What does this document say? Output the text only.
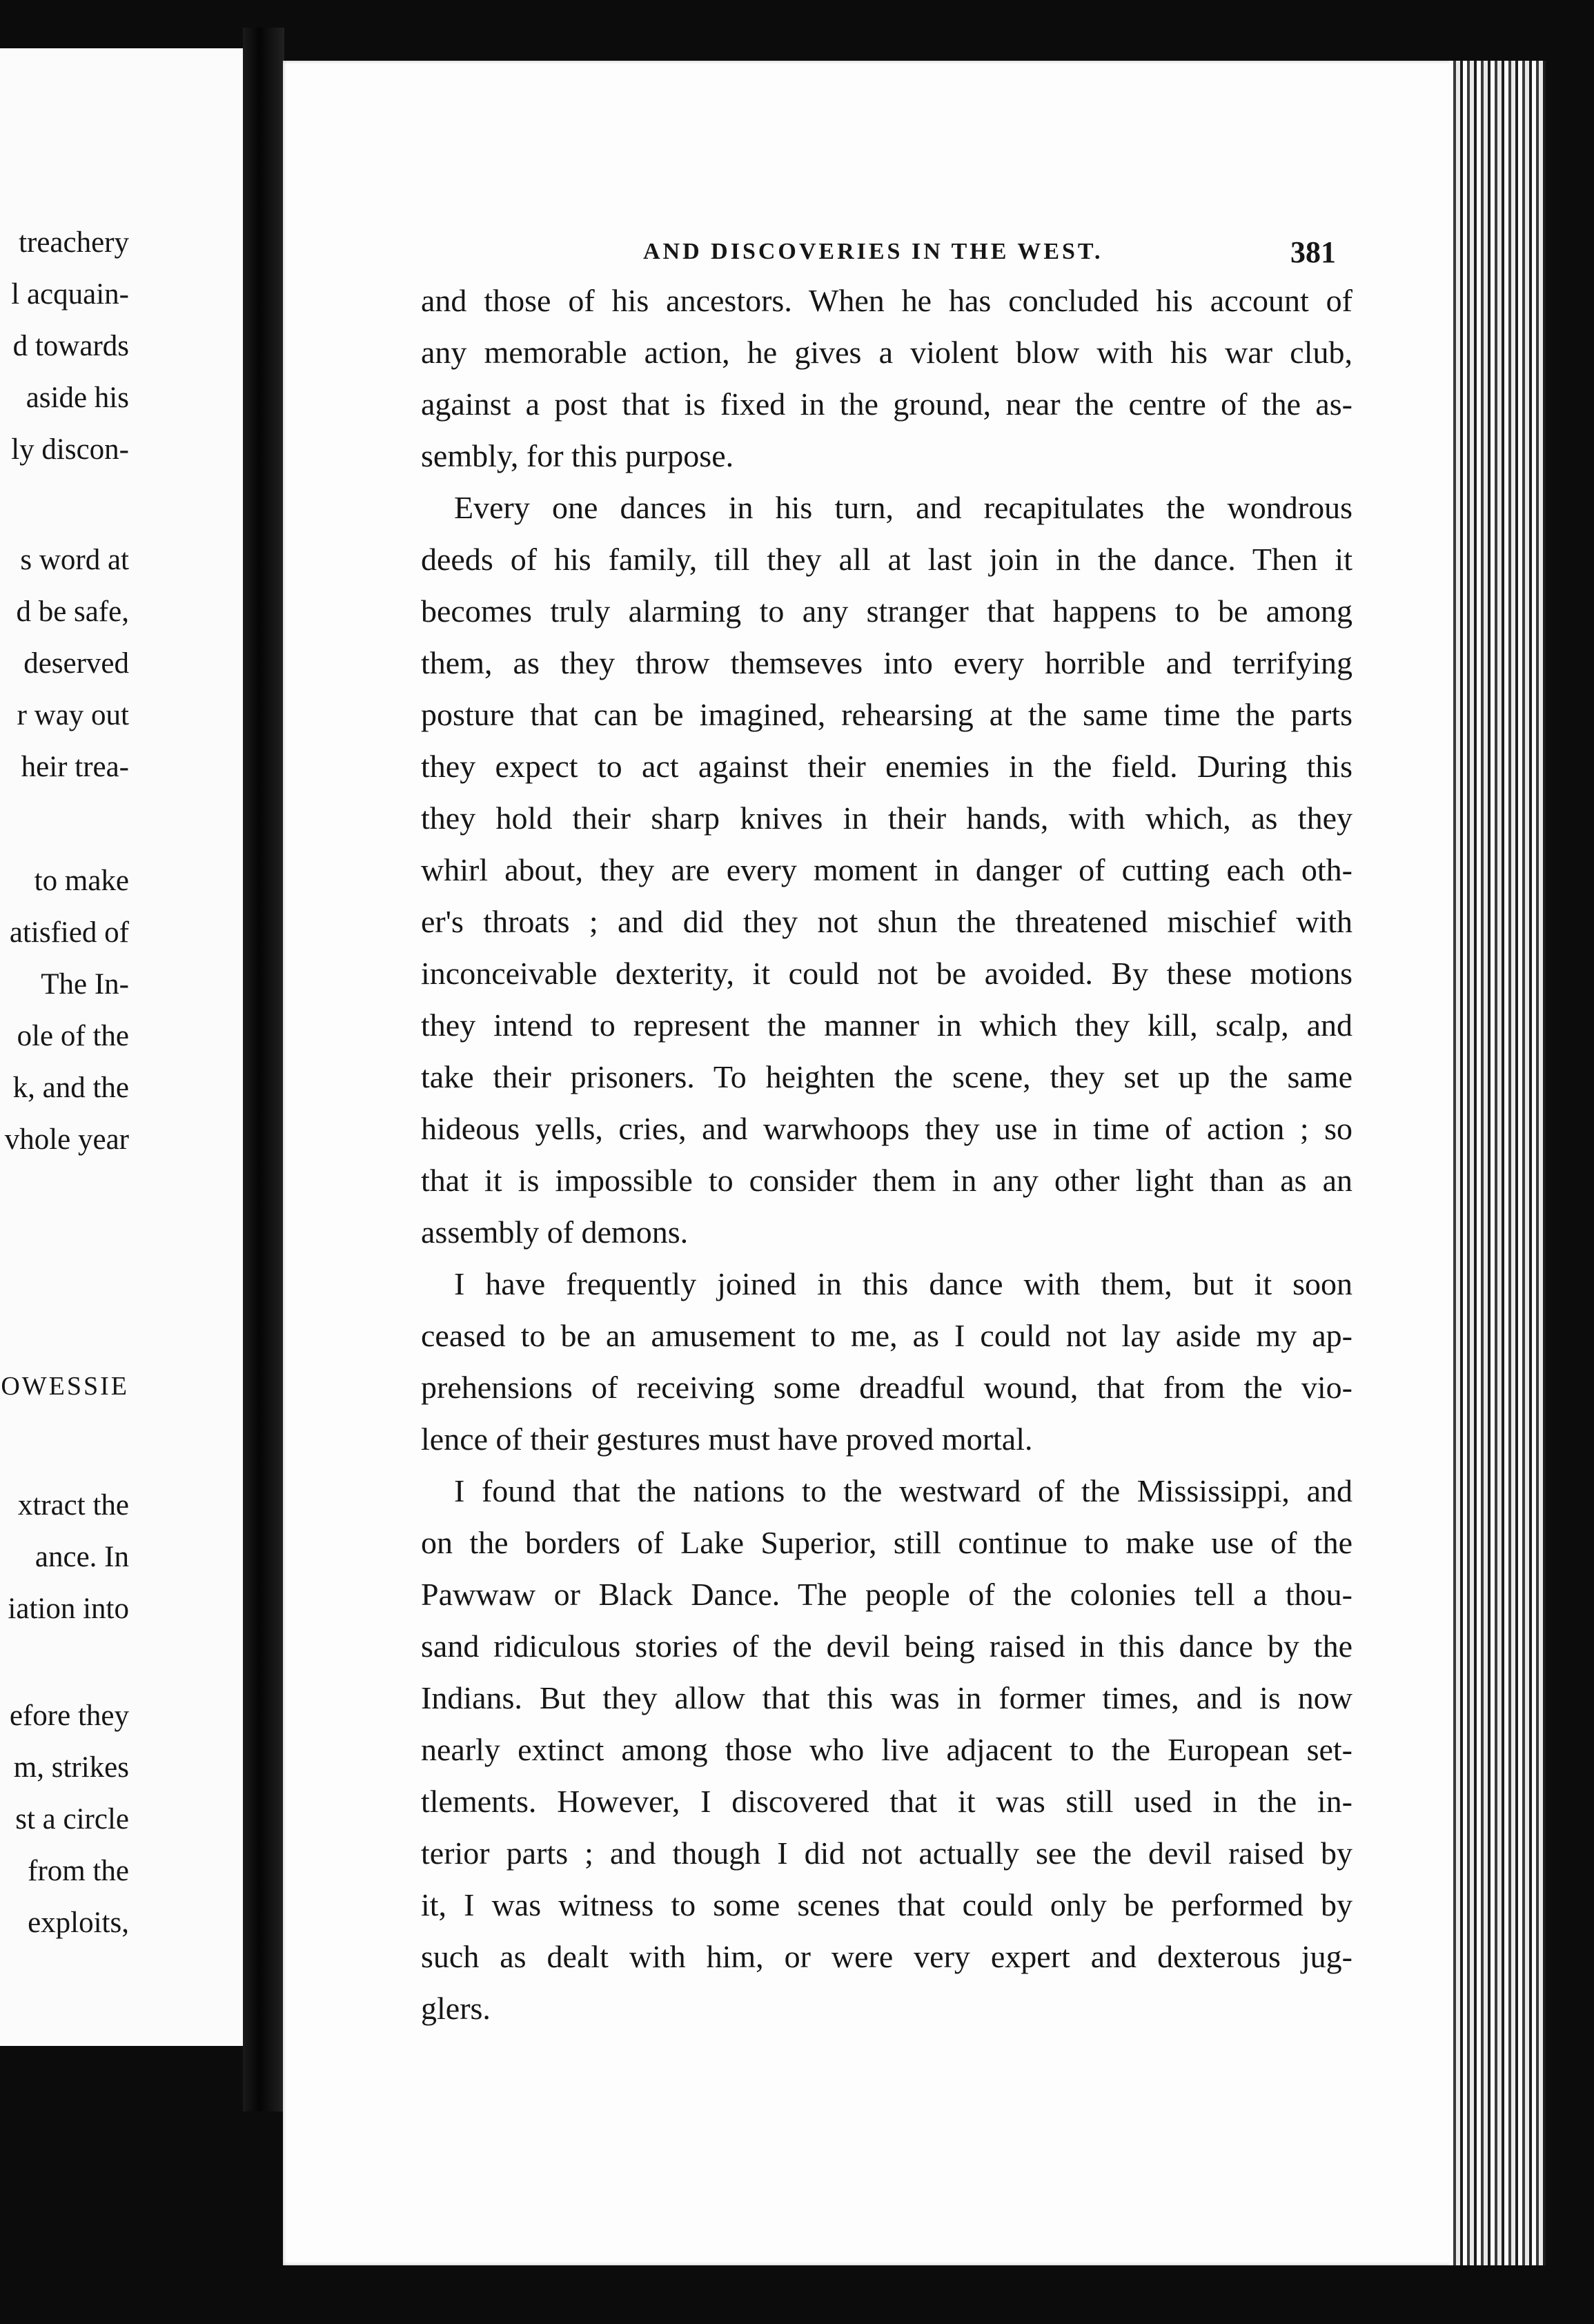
treachery
l acquain-
d towards
aside his
ly discon-
s word at
d be safe,
deserved
r way out
heir trea-
to make
atisfied of
The In-
ole of the
k, and the
vhole year
OWESSIE
xtract the
ance. In
iation into
efore they
m, strikes
st a circle
from the
exploits,
AND DISCOVERIES IN THE WEST.	381
and those of his ancestors. When he has concluded his account of
any memorable action, he gives a violent blow with his war club,
against a post that is fixed in the ground, near the centre of the as-
sembly, for this purpose.
Every one dances in his turn, and recapitulates the wondrous
deeds of his family, till they all at last join in the dance. Then it
becomes truly alarming to any stranger that happens to be among
them, as they throw themseves into every horrible and terrifying
posture that can be imagined, rehearsing at the same time the parts
they expect to act against their enemies in the field. During this
they hold their sharp knives in their hands, with which, as they
whirl about, they are every moment in danger of cutting each oth-
er's throats ; and did they not shun the threatened mischief with
inconceivable dexterity, it could not be avoided. By these motions
they intend to represent the manner in which they kill, scalp, and
take their prisoners. To heighten the scene, they set up the same
hideous yells, cries, and warwhoops they use in time of action ; so
that it is impossible to consider them in any other light than as an
assembly of demons.
I have frequently joined in this dance with them, but it soon
ceased to be an amusement to me, as I could not lay aside my ap-
prehensions of receiving some dreadful wound, that from the vio-
lence of their gestures must have proved mortal.
I found that the nations to the westward of the Mississippi, and
on the borders of Lake Superior, still continue to make use of the
Pawwaw or Black Dance. The people of the colonies tell a thou-
sand ridiculous stories of the devil being raised in this dance by the
Indians. But they allow that this was in former times, and is now
nearly extinct among those who live adjacent to the European set-
tlements. However, I discovered that it was still used in the in-
terior parts ; and though I did not actually see the devil raised by
it, I was witness to some scenes that could only be performed by
such as dealt with him, or were very expert and dexterous jug-
glers.
